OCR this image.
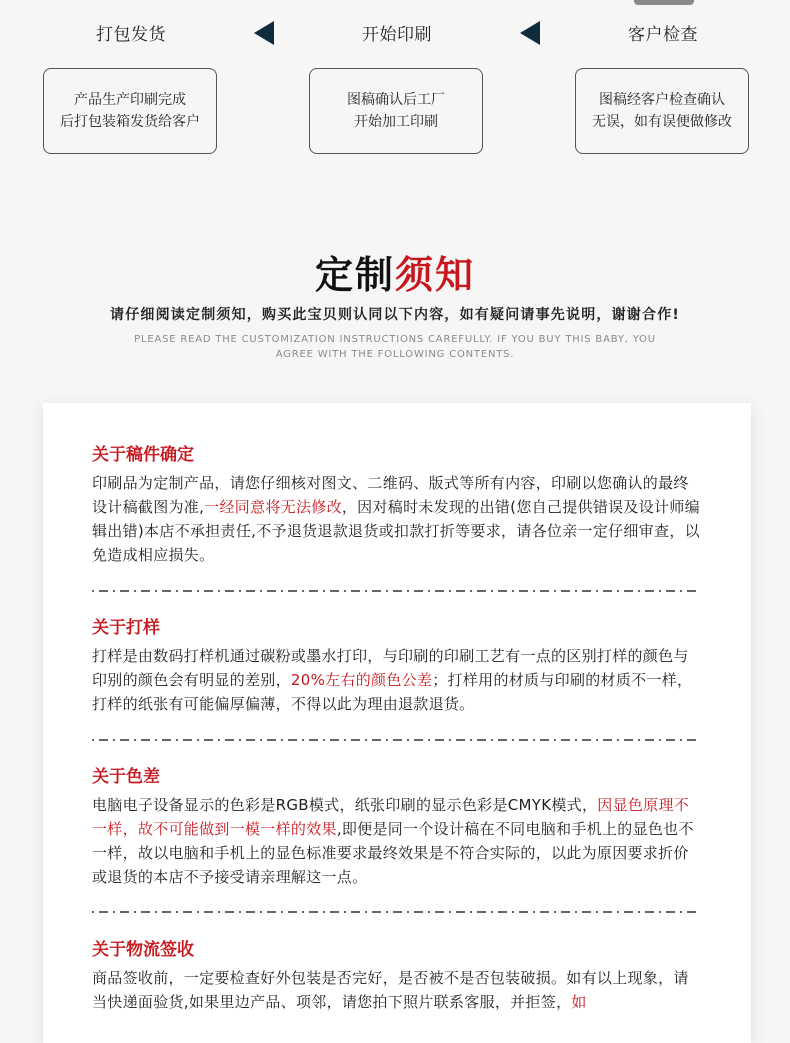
打包发货	开始印刷	客户检查
产品生产印刷完成
后打包装箱发货给客户
图稿确认后工厂
开始加工印刷
图稿经客户检查确认
无误，如有误便做修改
定制须知
请仔细阅读定制须知，购买此宝贝则认同以下内容，如有疑问请事先说明，谢谢合作!
PLEASE READ THE CUSTOMIZATION INSTRUCTIONS CAREFULLY. IF YOU BUY THIS BABY, YOU
AGREE WITH THE FOLLOWING CONTENTS.
关于稿件确定

印刷品为定制产品，请您仔细核对图文、二维码、版式等所有内容，印刷以您确认的最终设计稿截图为准,一经同意将无法修改，因对稿时未发现的出错(您自己提供错误及设计师编辑出错)本店不承担责任,不予退货退款退货或扣款打折等要求，请各位亲一定仔细审查，以免造成相应损失。

关于打样

打样是由数码打样机通过碳粉或墨水打印，与印刷的印刷工艺有一点的区别打样的颜色与印别的颜色会有明显的差别，20%左右的颜色公差；打样用的材质与印刷的材质不一样，打样的纸张有可能偏厚偏薄，不得以此为理由退款退货。

关于色差

电脑电子设备显示的色彩是RGB模式，纸张印刷的显示色彩是CMYK模式，因显色原理不一样，故不可能做到一模一样的效果,即便是同一个设计稿在不同电脑和手机上的显色也不一样，故以电脑和手机上的显色标准要求最终效果是不符合实际的，以此为原因要求折价或退货的本店不予接受请亲理解这一点。

关于物流签收

商品签收前，一定要检查好外包装是否完好，是否被不是否包装破损。如有以上现象，请当快递面验货,如果里边产品、项邻，请您拍下照片联系客服，并拒签，如
